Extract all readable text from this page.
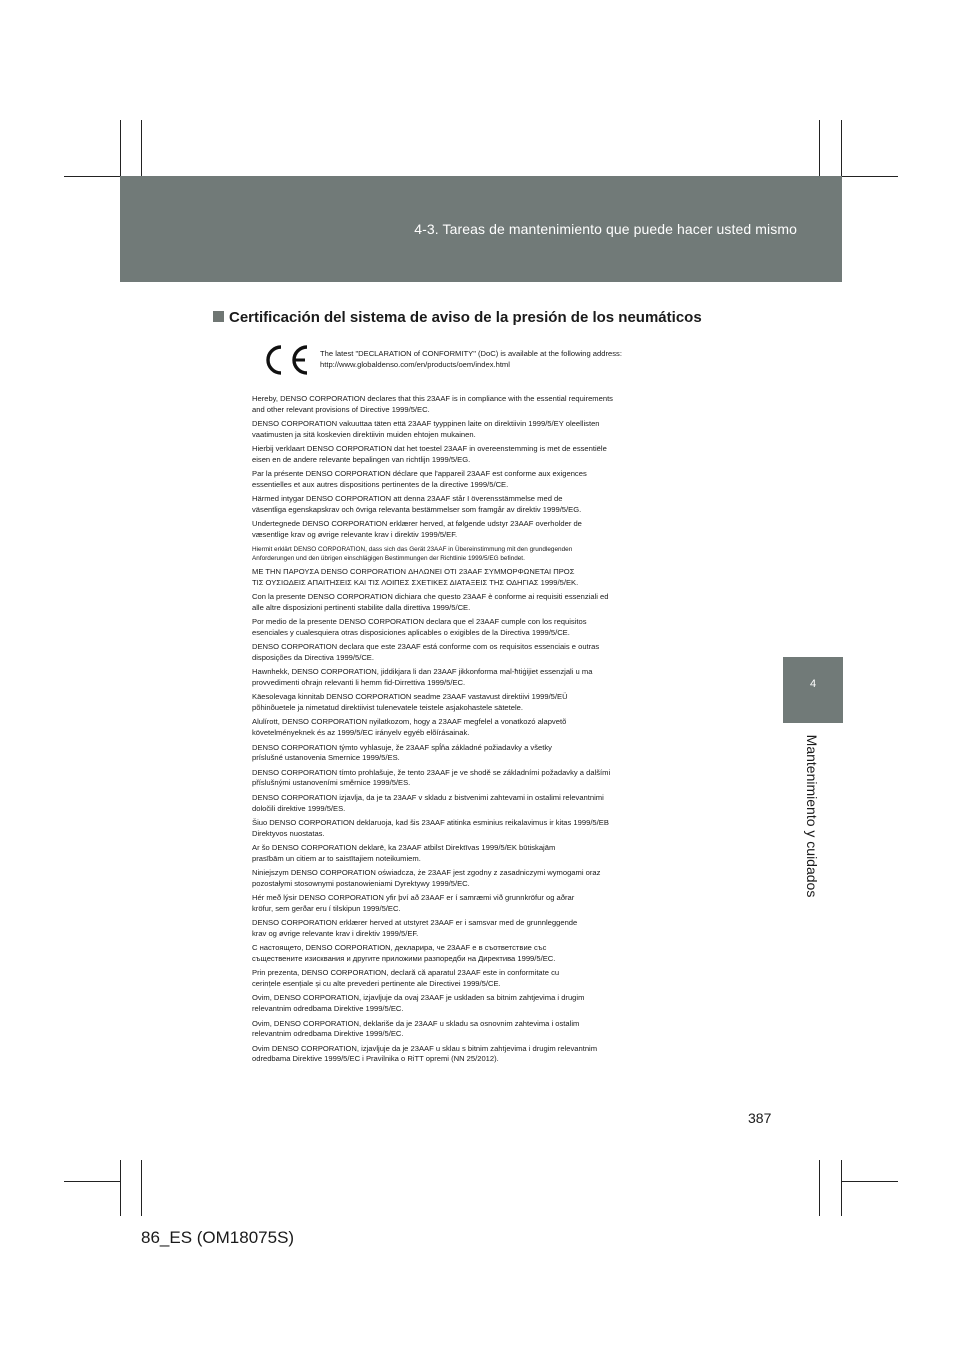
4-3. Tareas de mantenimiento que puede hacer usted mismo
4
Mantenimiento y cuidados
Certificación del sistema de aviso de la presión de los neumáticos
The latest "DECLARATION of CONFORMITY" (DoC) is available at the following address:
http://www.globaldenso.com/en/products/oem/index.html

Hereby, DENSO CORPORATION declares that this 23AAF is in compliance with the essential requirements
and other relevant provisions of Directive 1999/5/EC.

DENSO CORPORATION vakuuttaa täten että 23AAF tyyppinen laite on direktiivin 1999/5/EY oleellisten
vaatimusten ja sitä koskevien direktiivin muiden ehtojen mukainen.

Hierbij verklaart DENSO CORPORATION dat het toestel 23AAF in overeenstemming is met de essentiële
eisen en de andere relevante bepalingen van richtlijn 1999/5/EG.

Par la présente DENSO CORPORATION déclare que l'appareil 23AAF est conforme aux exigences
essentielles et aux autres dispositions pertinentes de la directive 1999/5/CE.

Härmed intygar DENSO CORPORATION att denna 23AAF står I överensstämmelse med de
väsentliga egenskapskrav och övriga relevanta bestämmelser som framgår av direktiv 1999/5/EG.

Undertegnede DENSO CORPORATION erklærer herved, at følgende udstyr 23AAF overholder de
væsentlige krav og øvrige relevante krav i direktiv 1999/5/EF.

Hiermit erklärt DENSO CORPORATION, dass sich das Gerät 23AAF in Übereinstimmung mit den grundlegenden
Anforderungen und den übrigen einschlägigen Bestimmungen der Richtlinie 1999/5/EG befindet.

ΜΕ ΤΗΝ ΠΑΡΟΥΣΑ DENSO CORPORATION ΔΗΛΩΝΕΙ ΟΤΙ 23AAF ΣΥΜΜΟΡΦΩΝΕΤΑΙ ΠΡΟΣ
ΤΙΣ ΟΥΣΙΩΔΕΙΣ ΑΠΑΙΤΗΣΕΙΣ ΚΑΙ ΤΙΣ ΛΟΙΠΕΣ ΣΧΕΤΙΚΕΣ ΔΙΑΤΑΞΕΙΣ ΤΗΣ ΟΔΗΓΙΑΣ 1999/5/ΕΚ.

Con la presente DENSO CORPORATION dichiara che questo 23AAF è conforme ai requisiti essenziali ed
alle altre disposizioni pertinenti stabilite dalla direttiva 1999/5/CE.

Por medio de la presente DENSO CORPORATION declara que el 23AAF cumple con los requisitos
esenciales y cualesquiera otras disposiciones aplicables o exigibles de la Directiva 1999/5/CE.

DENSO CORPORATION declara que este 23AAF está conforme com os requisitos essenciais e outras
disposições da Directiva 1999/5/CE.

Hawnhekk, DENSO CORPORATION, jiddikjara li dan 23AAF jikkonforma mal-ħtiġijiet essenzjali u ma
provvedimenti oħrajn relevanti li hemm fid-Dirrettiva 1999/5/EC.

Käesolevaga kinnitab DENSO CORPORATION seadme 23AAF vastavust direktiivi 1999/5/EÜ
põhinõuetele ja nimetatud direktiivist tulenevatele teistele asjakohastele sätetele.

Alulírott, DENSO CORPORATION nyilatkozom, hogy a 23AAF megfelel a vonatkozó alapvetõ
követelményeknek és az 1999/5/EC irányelv egyéb elõírásainak.

DENSO CORPORATION týmto vyhlasuje, že 23AAF spĺňa základné požiadavky a všetky
príslušné ustanovenia Smernice 1999/5/ES.

DENSO CORPORATION tímto prohlašuje, že tento 23AAF je ve shodě se základními požadavky a dalšími
příslušnými ustanoveními směrnice 1999/5/ES.

DENSO CORPORATION izjavlja, da je ta 23AAF v skladu z bistvenimi zahtevami in ostalimi relevantnimi
določili direktive 1999/5/ES.

Šiuo DENSO CORPORATION deklaruoja, kad šis 23AAF atitinka esminius reikalavimus ir kitas 1999/5/EB
Direktyvos nuostatas.

Ar šo DENSO CORPORATION deklarē, ka 23AAF atbilst Direktīvas 1999/5/EK būtiskajām
prasībām un citiem ar to saistītajiem noteikumiem.

Niniejszym DENSO CORPORATION oświadcza, że 23AAF jest zgodny z zasadniczymi wymogami oraz
pozostałymi stosownymi postanowieniami Dyrektywy 1999/5/EC.

Hér með lýsir DENSO CORPORATION yfir því að 23AAF er í samræmi við grunnkröfur og aðrar
kröfur, sem gerðar eru í tilskipun 1999/5/EC.

DENSO CORPORATION erklærer herved at utstyret 23AAF er i samsvar med de grunnleggende
krav og øvrige relevante krav i direktiv 1999/5/EF.

С настоящето, DENSO CORPORATION, декларира, че 23AAF е в съответствие със
съществените изисквания и другите приложими разпоредби на Директива 1999/5/ЕС.

Prin prezenta, DENSO CORPORATION, declară că aparatul 23AAF este in conformitate cu
cerințele esențiale și cu alte prevederi pertinente ale Directivei 1999/5/CE.

Ovim, DENSO CORPORATION, izjavljuje da ovaj 23AAF je uskladen sa bitnim zahtjevima i drugim
relevantnim odredbama Direktive 1999/5/EC.

Ovim, DENSO CORPORATION, deklariše da je 23AAF u skladu sa osnovnim zahtevima i ostalim
relevantnim odredbama Direktive 1999/5/EC.

Ovim DENSO CORPORATION, izjavljuje da je 23AAF u sklau s bitnim zahtjevima i drugim relevantnim
odredbama Direktive 1999/5/EC i Pravilnika o RiTT opremi (NN 25/2012).

387
86_ES (OM18075S)
